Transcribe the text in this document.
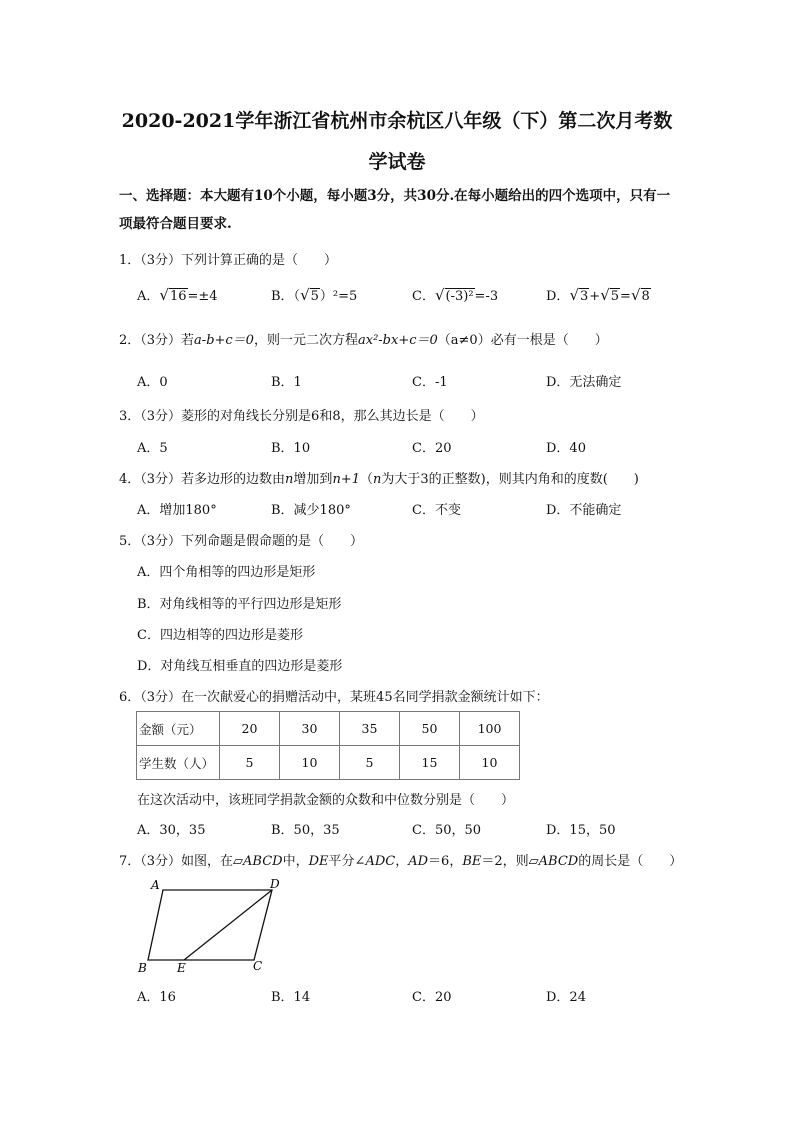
2020-2021学年浙江省杭州市余杭区八年级（下）第二次月考数
学试卷
一、选择题：本大题有10个小题，每小题3分，共30分.在每小题给出的四个选项中，只有一项最符合题目要求.
1．（3分）下列计算正确的是（　　）
A．√16=±4	B．（√5）²=5	C．√(-3)²=-3	D．√3+√5=√8
2．（3分）若a-b+c＝0，则一元二次方程ax²-bx+c＝0（a≠0）必有一根是（　　）
A．0	B．1	C．-1	D．无法确定
3．（3分）菱形的对角线长分别是6和8，那么其边长是（　　）
A．5	B．10	C．20	D．40
4．（3分）若多边形的边数由n增加到n+1（n为大于3的正整数)，则其内角和的度数(　　)
A．增加180°	B．减少180°	C．不变	D．不能确定
5．（3分）下列命题是假命题的是（　　）
A．四个角相等的四边形是矩形
B．对角线相等的平行四边形是矩形
C．四边相等的四边形是菱形
D．对角线互相垂直的四边形是菱形
6．（3分）在一次献爱心的捐赠活动中，某班45名同学捐款金额统计如下：
金额（元）	20	30	35	50	100
学生数（人）	5	10	5	15	10
在这次活动中，该班同学捐款金额的众数和中位数分别是（　　）
A．30，35	B．50，35	C．50，50	D．15，50
7．（3分）如图，在▱ABCD中，DE平分∠ADC，AD＝6，BE＝2，则▱ABCD的周长是（　　）
A	D
B	E	C
A．16	B．14	C．20	D．24
